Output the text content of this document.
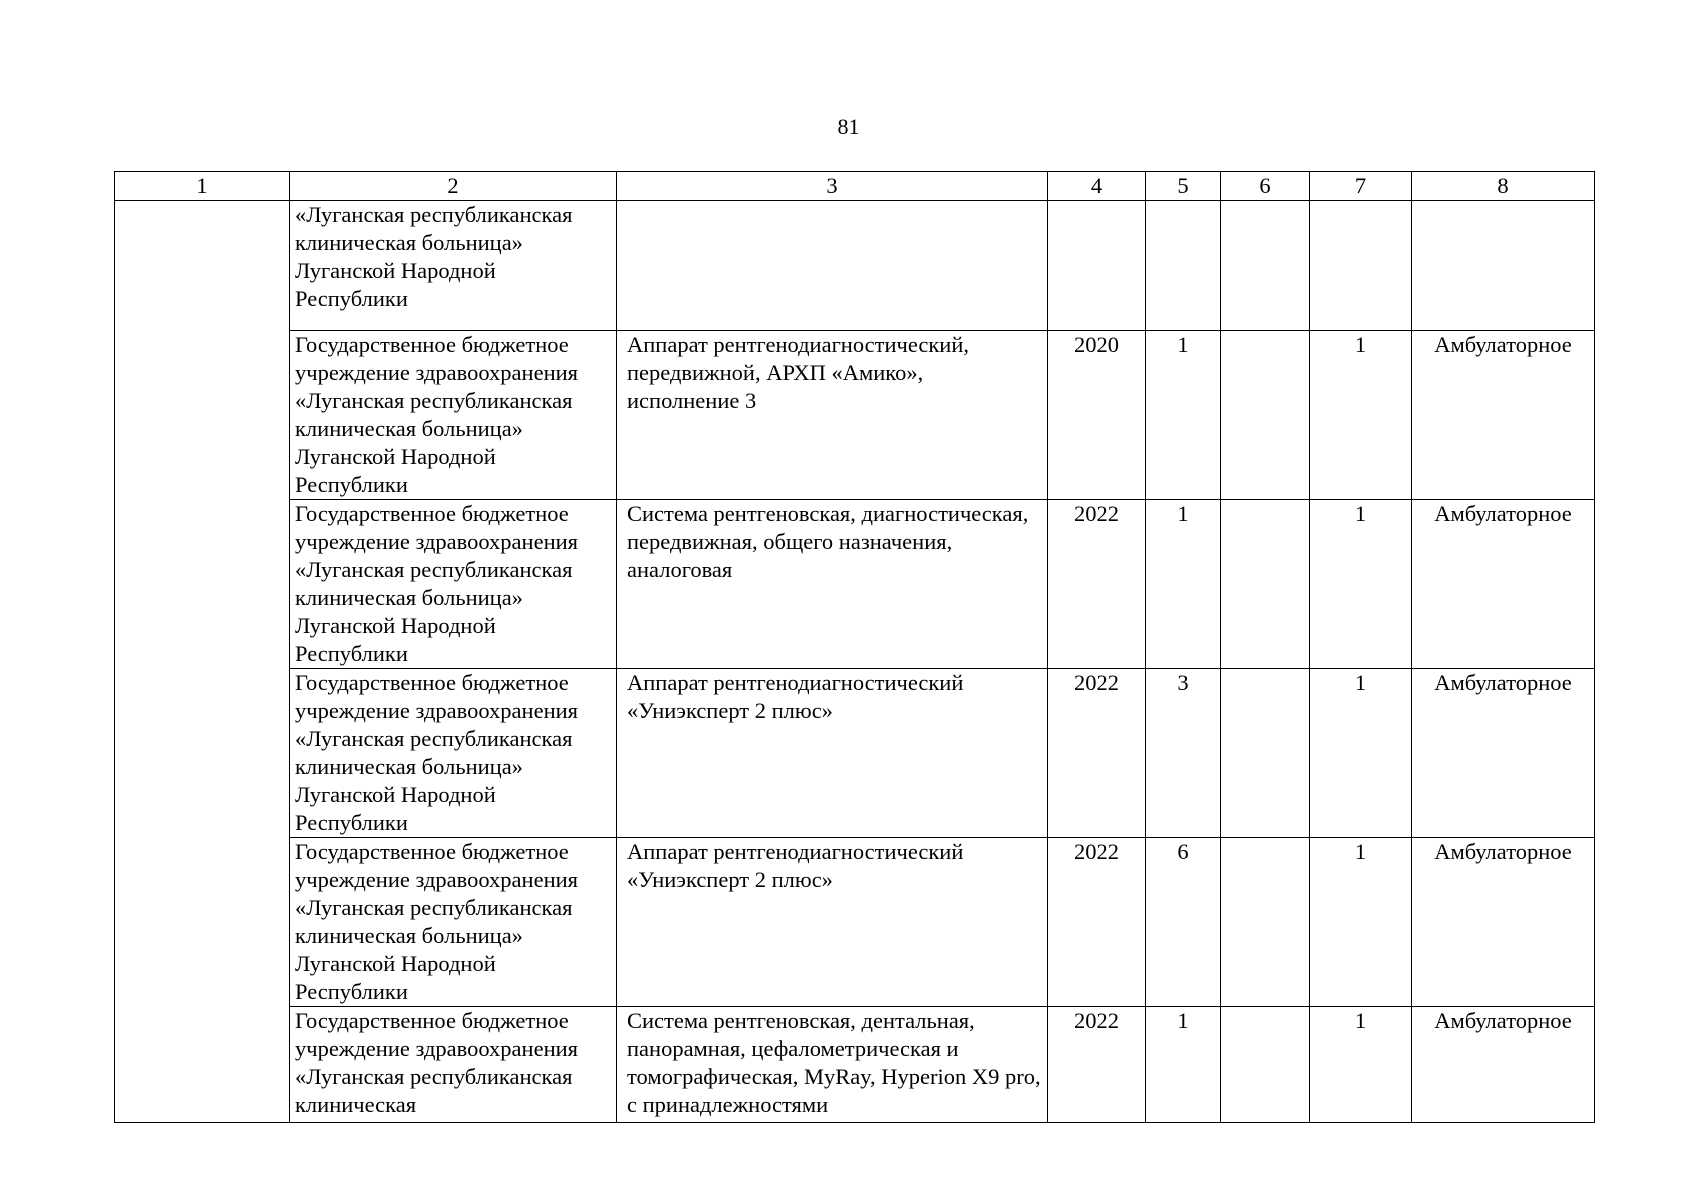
81
1	2	3	4	5	6	7	8
	«Луганская республиканская клиническая больница» Луганской Народной Республики						
	Государственное бюджетное учреждение здравоохранения «Луганская республиканская клиническая больница» Луганской Народной Республики	Аппарат рентгенодиагностический, передвижной, АРХП «Амико», исполнение 3	2020	1		1	Амбулаторное
	Государственное бюджетное учреждение здравоохранения «Луганская республиканская клиническая больница» Луганской Народной Республики	Система рентгеновская, диагностическая, передвижная, общего назначения, аналоговая	2022	1		1	Амбулаторное
	Государственное бюджетное учреждение здравоохранения «Луганская республиканская клиническая больница» Луганской Народной Республики	Аппарат рентгенодиагностический «Униэксперт 2 плюс»	2022	3		1	Амбулаторное
	Государственное бюджетное учреждение здравоохранения «Луганская республиканская клиническая больница» Луганской Народной Республики	Аппарат рентгенодиагностический «Униэксперт 2 плюс»	2022	6		1	Амбулаторное
	Государственное бюджетное учреждение здравоохранения «Луганская республиканская клиническая	Система рентгеновская, дентальная, панорамная, цефалометрическая и томографическая, MyRay, Hyperion X9 pro, с принадлежностями	2022	1		1	Амбулаторное
